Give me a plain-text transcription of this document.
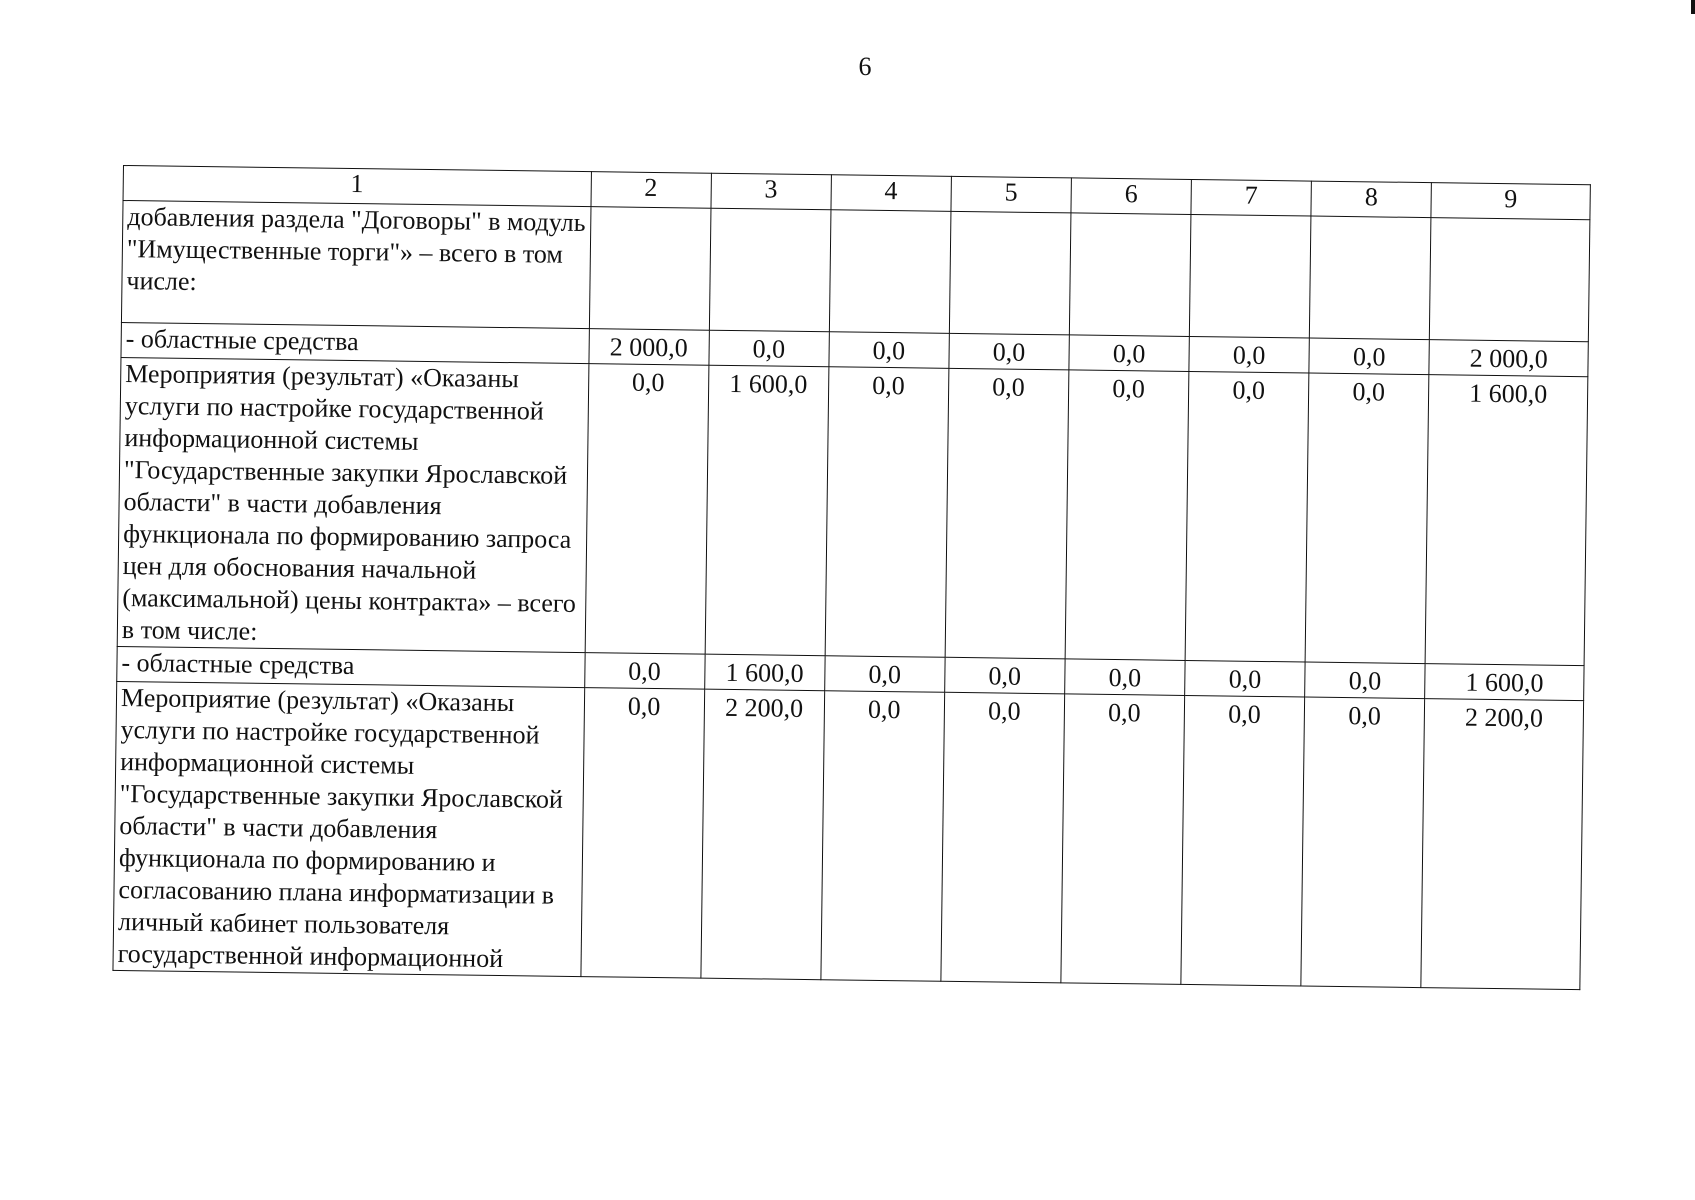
6
1	2	3	4	5	6	7	8	9
добавления раздела "Договоры" в модуль "Имущественные торги"» – всего в том числе:								
- областные средства	2 000,0	0,0	0,0	0,0	0,0	0,0	0,0	2 000,0
Мероприятия (результат) «Оказаны услуги по настройке государственной информационной системы "Государственные закупки Ярославской области" в части добавления функционала по формированию запроса цен для обоснования начальной (максимальной) цены контракта» – всего в том числе:	0,0	1 600,0	0,0	0,0	0,0	0,0	0,0	1 600,0
- областные средства	0,0	1 600,0	0,0	0,0	0,0	0,0	0,0	1 600,0
Мероприятие (результат) «Оказаны услуги по настройке государственной информационной системы "Государственные закупки Ярославской области" в части добавления функционала по формированию и согласованию плана информатизации в личный кабинет пользователя государственной информационной	0,0	2 200,0	0,0	0,0	0,0	0,0	0,0	2 200,0
